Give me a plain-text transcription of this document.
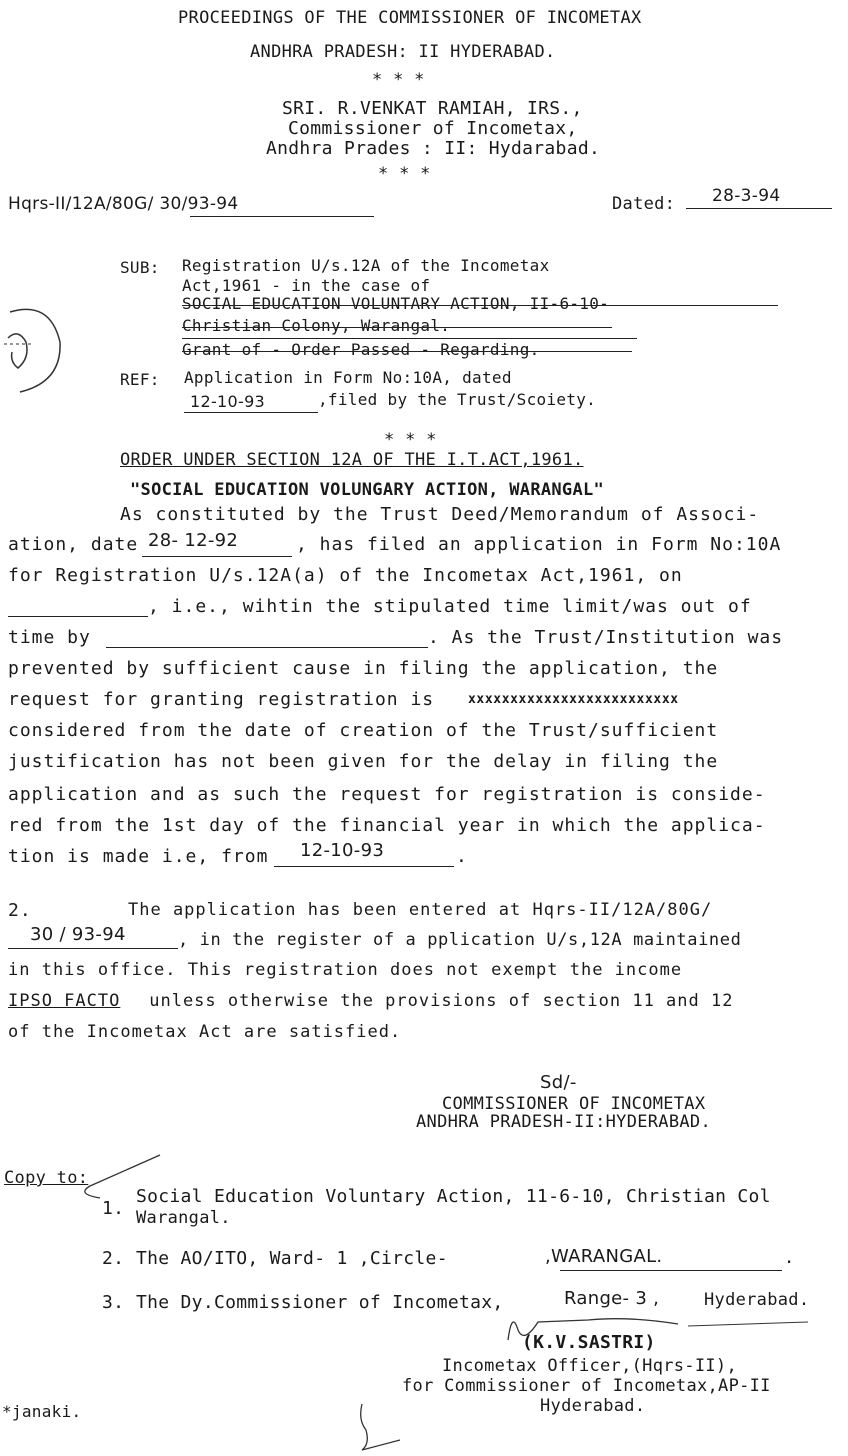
PROCEEDINGS OF THE COMMISSIONER OF INCOMETAX
ANDHRA PRADESH: II HYDERABAD.
* * *
SRI. R.VENKAT RAMIAH, IRS.,
Commissioner of Incometax,
Andhra Prades : II: Hydarabad.
* * *
Hqrs-II/12A/80G/ 30/93-94	Dated: 28-3-94
SUB: Registration U/s.12A of the Incometax
Act,1961 - in the case of
SOCIAL EDUCATION VOLUNTARY ACTION, II-6-10-
Christian Colony, Warangal.
Grant of - Order Passed - Regarding.
REF: Application in Form No:10A, dated
12-10-93	,filed by the Trust/Scoiety.
* * *
ORDER UNDER SECTION 12A OF THE I.T.ACT,1961.
"SOCIAL EDUCATION VOLUNGARY ACTION, WARANGAL"
As constituted by the Trust Deed/Memorandum of Associ-
ation, date 28- 12-92	, has filed an application in Form No:10A
for Registration U/s.12A(a) of the Incometax Act,1961, on
, i.e., wihtin the stipulated time limit/was out of
time by	. As the Trust/Institution was
prevented by sufficient cause in filing the application, the
request for granting registration is	xxxxxxxxxxxxxxxxxxxxxxxxx
considered from the date of creation of the Trust/sufficient
justification has not been given for the delay in filing the
application and as such the request for registration is conside-
red from the 1st day of the financial year in which the applica-
tion is made i.e, from 12-10-93	.
2.	The application has been entered at Hqrs-II/12A/80G/
30 / 93-94	, in the register of a pplication U/s,12A maintained
in this office. This registration does not exempt the income
IPSO FACTO unless otherwise the provisions of section 11 and 12
of the Incometax Act are satisfied.
Sd/-
COMMISSIONER OF INCOMETAX
ANDHRA PRADESH-II:HYDERABAD.
Copy to:
1.
Social Education Voluntary Action, 11-6-10, Christian Col
Warangal.
2. The AO/ITO, Ward- 1 ,Circle-	,WARANGAL.	.
3. The Dy.Commissioner of Incometax,	Range- 3 ,	Hyderabad.
(K.V.SASTRI)
Incometax Officer,(Hqrs-II),
for Commissioner of Incometax,AP-II
Hyderabad.
*janaki.
